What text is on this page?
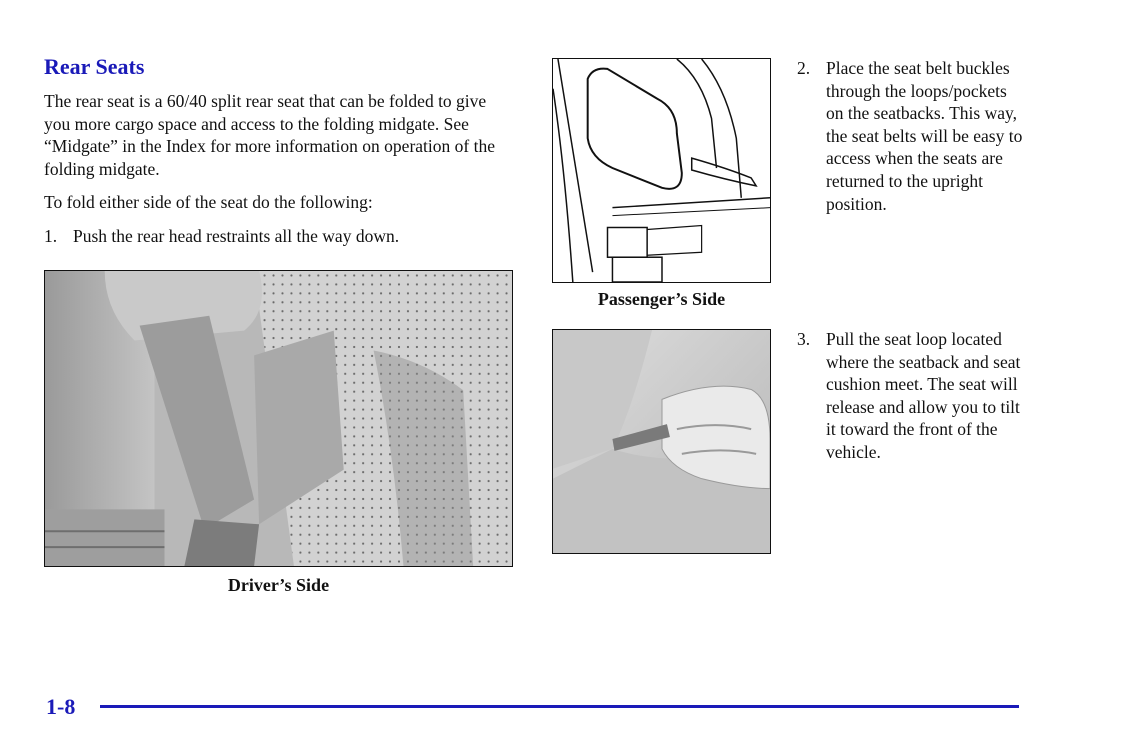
Rear Seats

The rear seat is a 60/40 split rear seat that can be folded to give you more cargo space and access to the folding midgate. See “Midgate” in the Index for more information on operation of the folding midgate.

To fold either side of the seat do the following:

1. Push the rear head restraints all the way down.

Driver’s Side

Passenger’s Side

2. Place the seat belt buckles through the loops/pockets on the seatbacks. This way, the seat belts will be easy to access when the seats are returned to the upright position.
3. Pull the seat loop located where the seatback and seat cushion meet. The seat will release and allow you to tilt it toward the front of the vehicle.
1-8
